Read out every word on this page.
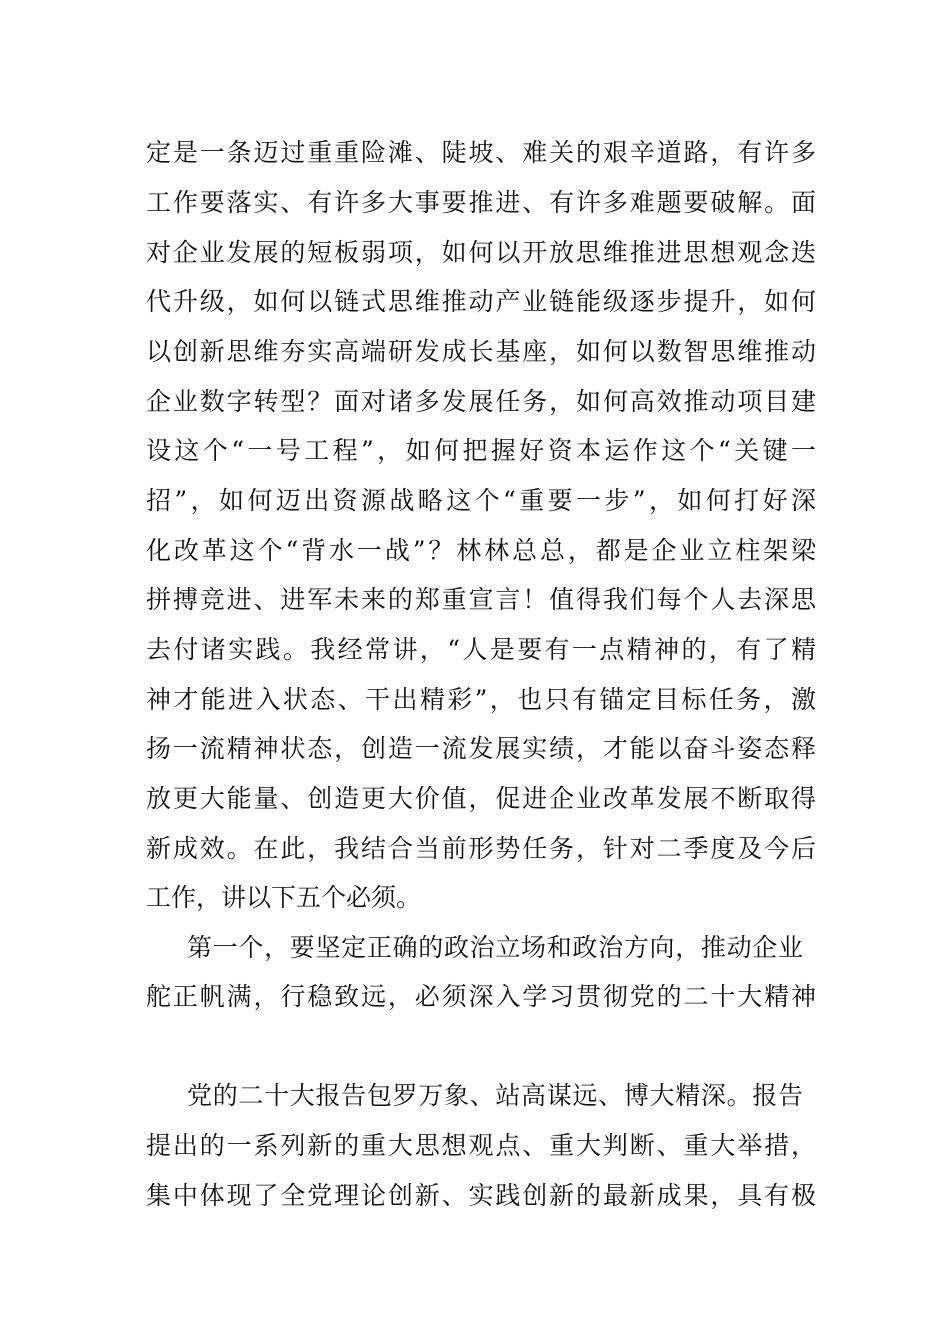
定是一条迈过重重险滩、陡坡、难关的艰辛道路，有许多
工作要落实、有许多大事要推进、有许多难题要破解。面
对企业发展的短板弱项，如何以开放思维推进思想观念迭
代升级，如何以链式思维推动产业链能级逐步提升，如何
以创新思维夯实高端研发成长基座，如何以数智思维推动
企业数字转型？面对诸多发展任务，如何高效推动项目建
设这个“一号工程”，如何把握好资本运作这个“关键一
招”，如何迈出资源战略这个“重要一步”，如何打好深
化改革这个“背水一战”？林林总总，都是企业立柱架梁
拼搏竞进、进军未来的郑重宣言！值得我们每个人去深思
去付诸实践。我经常讲，“人是要有一点精神的，有了精
神才能进入状态、干出精彩”，也只有锚定目标任务，激
扬一流精神状态，创造一流发展实绩，才能以奋斗姿态释
放更大能量、创造更大价值，促进企业改革发展不断取得
新成效。在此，我结合当前形势任务，针对二季度及今后
工作，讲以下五个必须。
第一个，要坚定正确的政治立场和政治方向，推动企业
舵正帆满，行稳致远，必须深入学习贯彻党的二十大精神
党的二十大报告包罗万象、站高谋远、博大精深。报告
提出的一系列新的重大思想观点、重大判断、重大举措，
集中体现了全党理论创新、实践创新的最新成果，具有极
